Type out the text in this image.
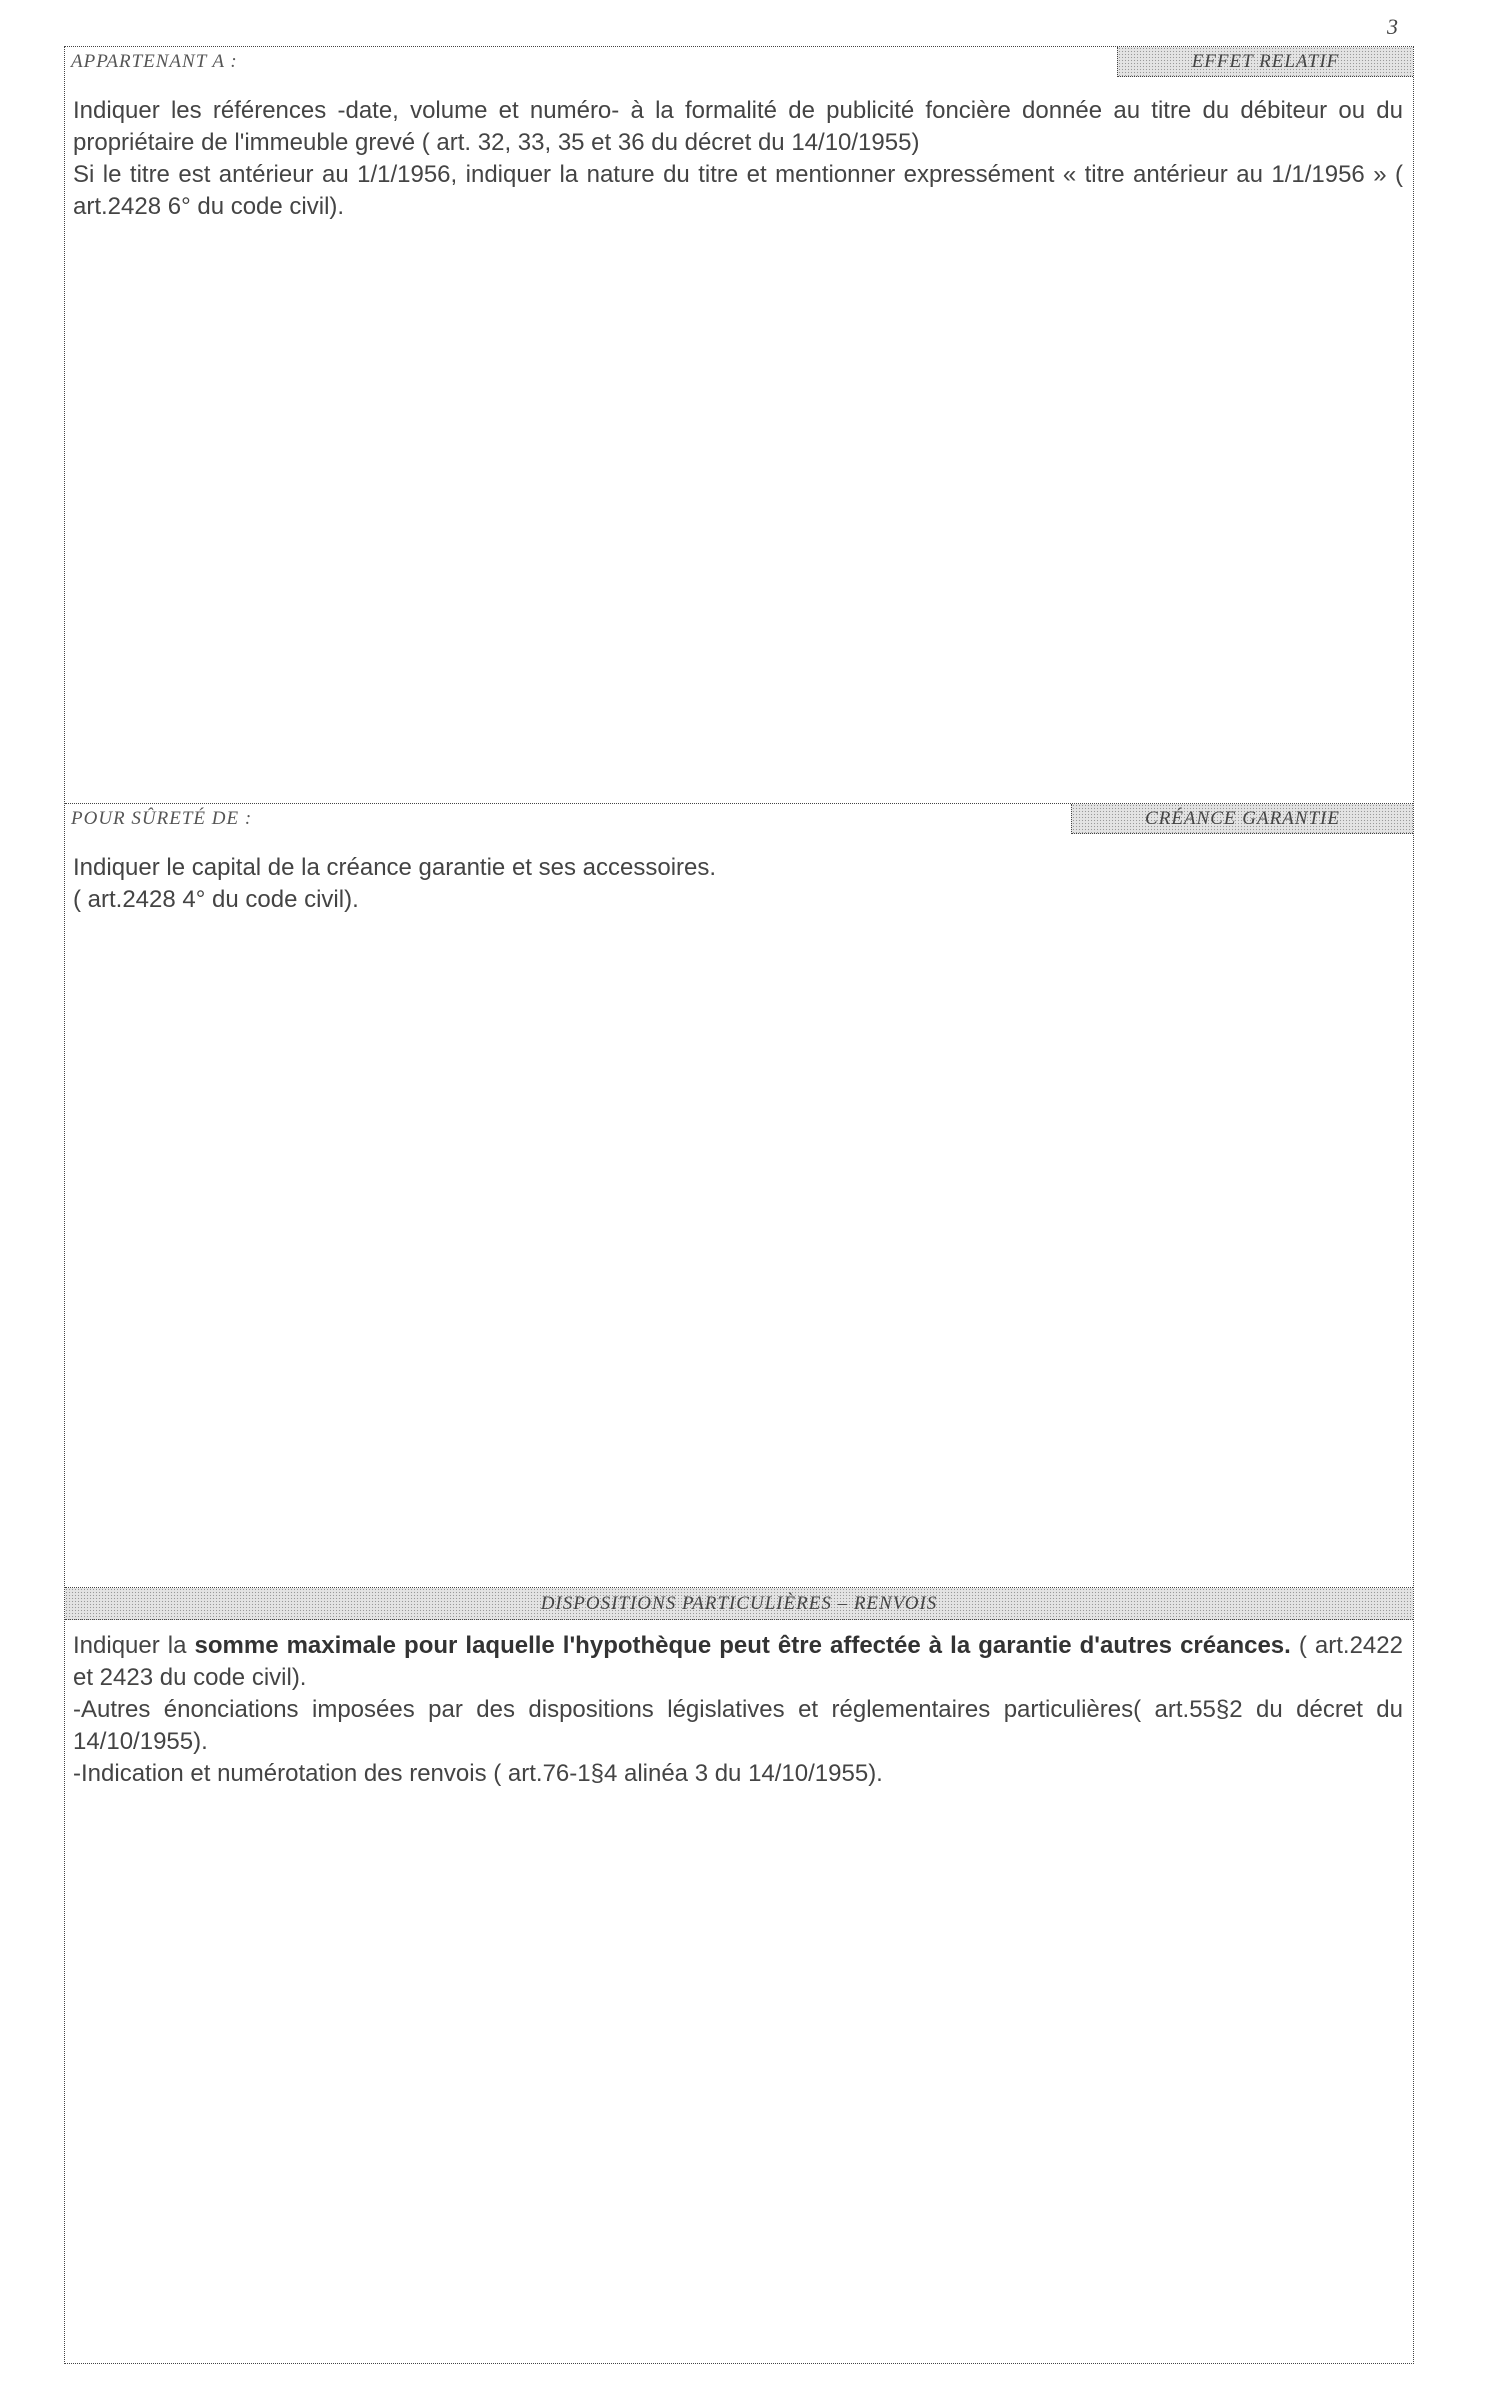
3
APPARTENANT A :	EFFET RELATIF

Indiquer les références -date, volume et numéro- à la formalité de publicité foncière donnée au titre du débiteur ou du propriétaire de l'immeuble grevé ( art. 32, 33, 35 et 36 du décret du 14/10/1955)

Si le titre est antérieur au 1/1/1956, indiquer la nature du titre et mentionner expressément « titre antérieur au 1/1/1956 » ( art.2428 6° du code civil).

POUR SÛRETÉ DE :	CRÉANCE GARANTIE
Indiquer le capital de la créance garantie et ses accessoires.
( art.2428 4° du code civil).
DISPOSITIONS PARTICULIÈRES – RENVOIS

Indiquer la somme maximale pour laquelle l'hypothèque peut être affectée à la garantie d'autres créances. ( art.2422 et 2423 du code civil).

-Autres énonciations imposées par des dispositions législatives et réglementaires particulières( art.55§2 du décret du 14/10/1955).

-Indication et numérotation des renvois ( art.76-1§4 alinéa 3 du 14/10/1955).
